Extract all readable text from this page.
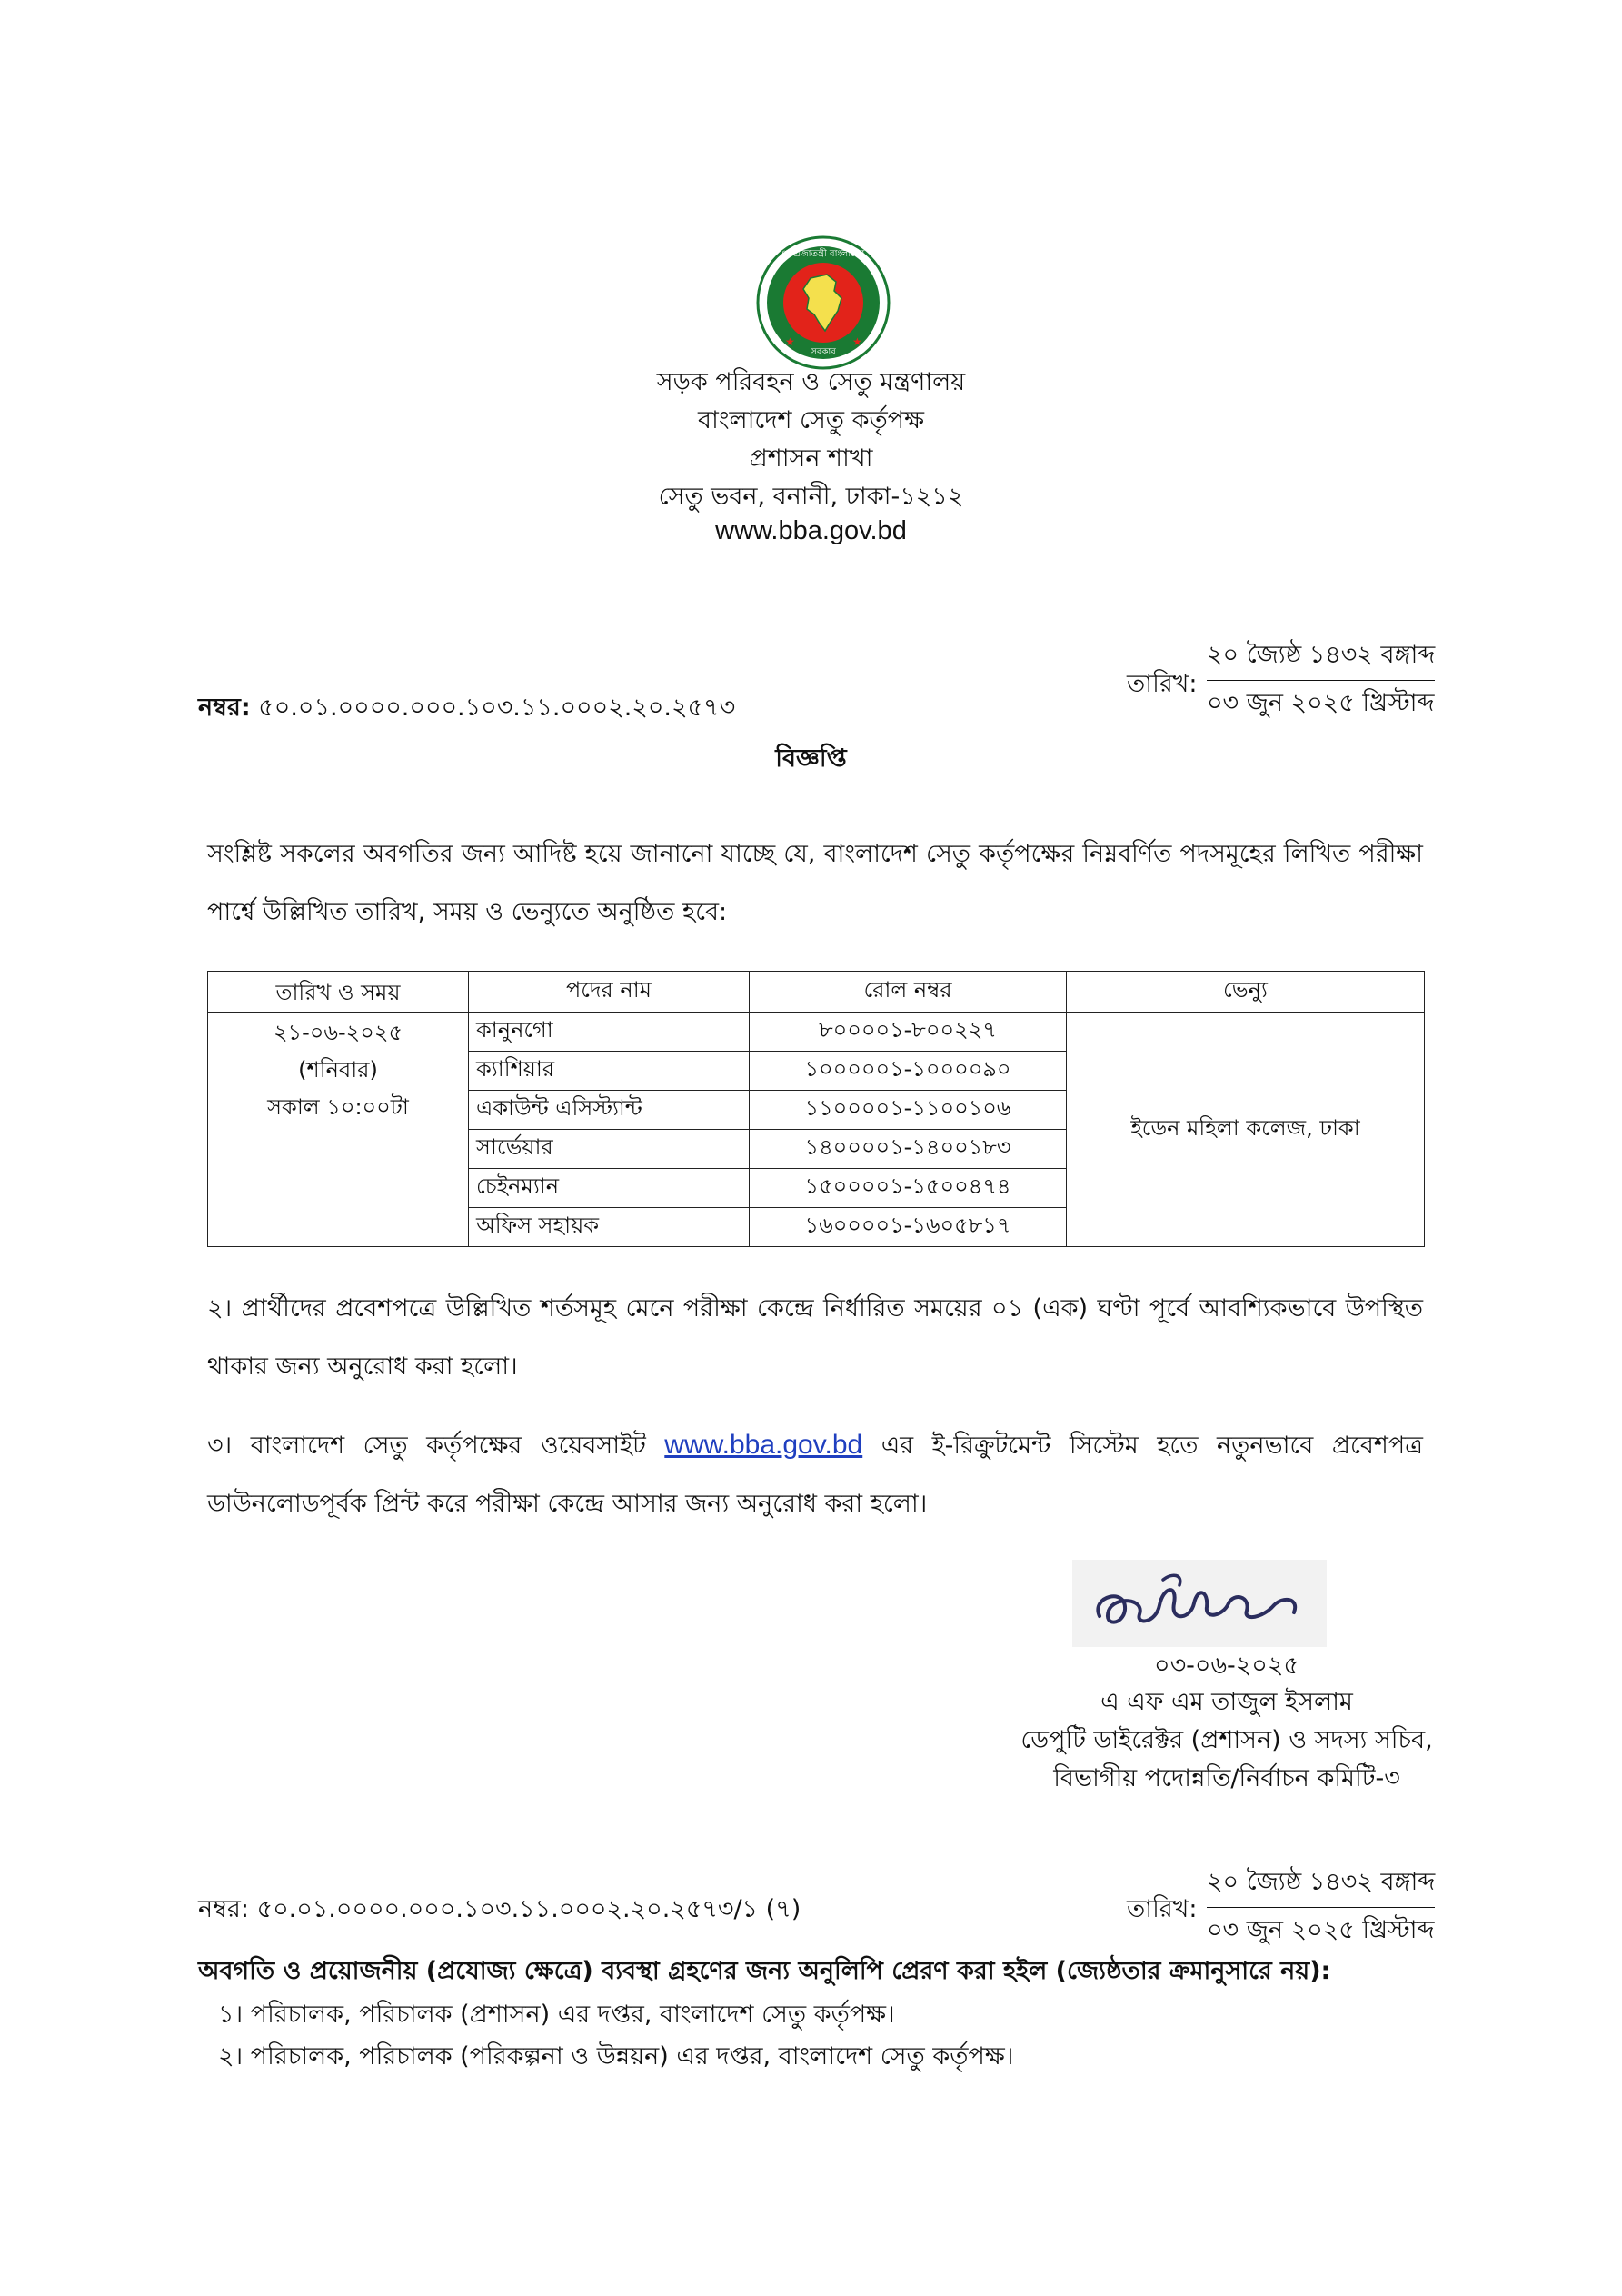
গণপ্রজাতন্ত্রী বাংলাদেশ
সরকার
★	★
সড়ক পরিবহন ও সেতু মন্ত্রণালয়
বাংলাদেশ সেতু কর্তৃপক্ষ
প্রশাসন শাখা
সেতু ভবন, বনানী, ঢাকা-১২১২
www.bba.gov.bd
নম্বর: ৫০.০১.০০০০.০০০.১০৩.১১.০০০২.২০.২৫৭৩
তারিখ:
২০ জ্যৈষ্ঠ ১৪৩২ বঙ্গাব্দ
০৩ জুন ২০২৫ খ্রিস্টাব্দ
বিজ্ঞপ্তি
সংশ্লিষ্ট সকলের অবগতির জন্য আদিষ্ট হয়ে জানানো যাচ্ছে যে, বাংলাদেশ সেতু কর্তৃপক্ষের নিম্নবর্ণিত পদসমূহের লিখিত পরীক্ষা পার্শ্বে উল্লিখিত তারিখ, সময় ও ভেন্যুতে অনুষ্ঠিত হবে:
তারিখ ও সময়	পদের নাম	রোল নম্বর	ভেন্যু

২১-০৬-২০২৫
(শনিবার)
সকাল ১০:০০টা	কানুনগো	৮০০০০১-৮০০২২৭	ইডেন মহিলা কলেজ, ঢাকা
	ক্যাশিয়ার	১০০০০০১-১০০০০৯০	
	একাউন্ট এসিস্ট্যান্ট	১১০০০০১-১১০০১০৬	
	সার্ভেয়ার	১৪০০০০১-১৪০০১৮৩	
	চেইনম্যান	১৫০০০০১-১৫০০৪৭৪	
	অফিস সহায়ক	১৬০০০০১-১৬০৫৮১৭	
২। প্রার্থীদের প্রবেশপত্রে উল্লিখিত শর্তসমূহ মেনে পরীক্ষা কেন্দ্রে নির্ধারিত সময়ের ০১ (এক) ঘণ্টা পূর্বে আবশ্যিকভাবে উপস্থিত থাকার জন্য অনুরোধ করা হলো।
৩। বাংলাদেশ সেতু কর্তৃপক্ষের ওয়েবসাইট www.bba.gov.bd এর ই-রিক্রুটমেন্ট সিস্টেম হতে নতুনভাবে প্রবেশপত্র ডাউনলোডপূর্বক প্রিন্ট করে পরীক্ষা কেন্দ্রে আসার জন্য অনুরোধ করা হলো।
০৩-০৬-২০২৫
এ এফ এম তাজুল ইসলাম
ডেপুটি ডাইরেক্টর (প্রশাসন) ও সদস্য সচিব,
বিভাগীয় পদোন্নতি/নির্বাচন কমিটি-৩
নম্বর: ৫০.০১.০০০০.০০০.১০৩.১১.০০০২.২০.২৫৭৩/১ (৭)	তারিখ:
২০ জ্যৈষ্ঠ ১৪৩২ বঙ্গাব্দ
০৩ জুন ২০২৫ খ্রিস্টাব্দ
অবগতি ও প্রয়োজনীয় (প্রযোজ্য ক্ষেত্রে) ব্যবস্থা গ্রহণের জন্য অনুলিপি প্রেরণ করা হইল (জ্যেষ্ঠতার ক্রমানুসারে নয়):
১। পরিচালক, পরিচালক (প্রশাসন) এর দপ্তর, বাংলাদেশ সেতু কর্তৃপক্ষ।
২। পরিচালক, পরিচালক (পরিকল্পনা ও উন্নয়ন) এর দপ্তর, বাংলাদেশ সেতু কর্তৃপক্ষ।
